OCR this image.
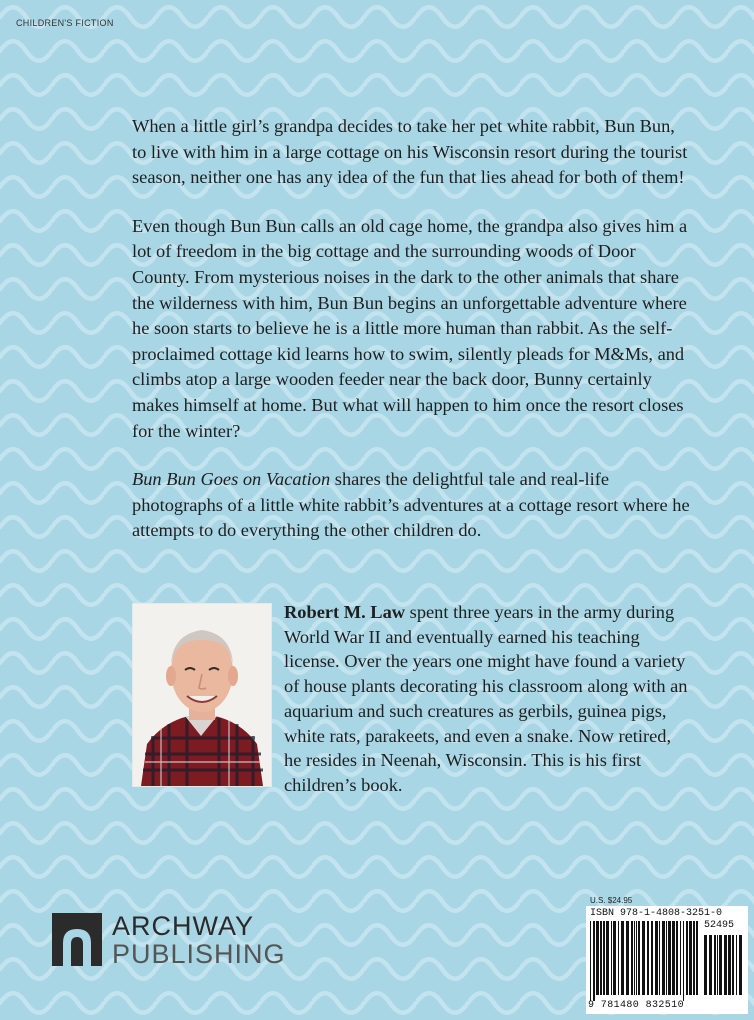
CHILDREN'S FICTION

When a little girl’s grandpa decides to take her pet white rabbit, Bun Bun, to live with him in a large cottage on his Wisconsin resort during the tourist season, neither one has any idea of the fun that lies ahead for both of them!

Even though Bun Bun calls an old cage home, the grandpa also gives him a lot of freedom in the big cottage and the surrounding woods of Door County. From mysterious noises in the dark to the other animals that share the wilderness with him, Bun Bun begins an unforgettable adventure where he soon starts to believe he is a little more human than rabbit. As the self-proclaimed cottage kid learns how to swim, silently pleads for M&Ms, and climbs atop a large wooden feeder near the back door, Bunny certainly makes himself at home. But what will happen to him once the resort closes for the winter?

Bun Bun Goes on Vacation shares the delightful tale and real-life photographs of a little white rabbit’s adventures at a cottage resort where he attempts to do everything the other children do.

Robert M. Law spent three years in the army during World War II and eventually earned his teaching license. Over the years one might have found a variety of house plants decorating his classroom along with an aquarium and such creatures as gerbils, guinea pigs, white rats, parakeets, and even a snake. Now retired, he resides in Neenah, Wisconsin. This is his first children’s book.

ARCHWAY
PUBLISHING
U.S. $24.95
ISBN 978-1-4808-3251-0
52495
9 781480 832510
